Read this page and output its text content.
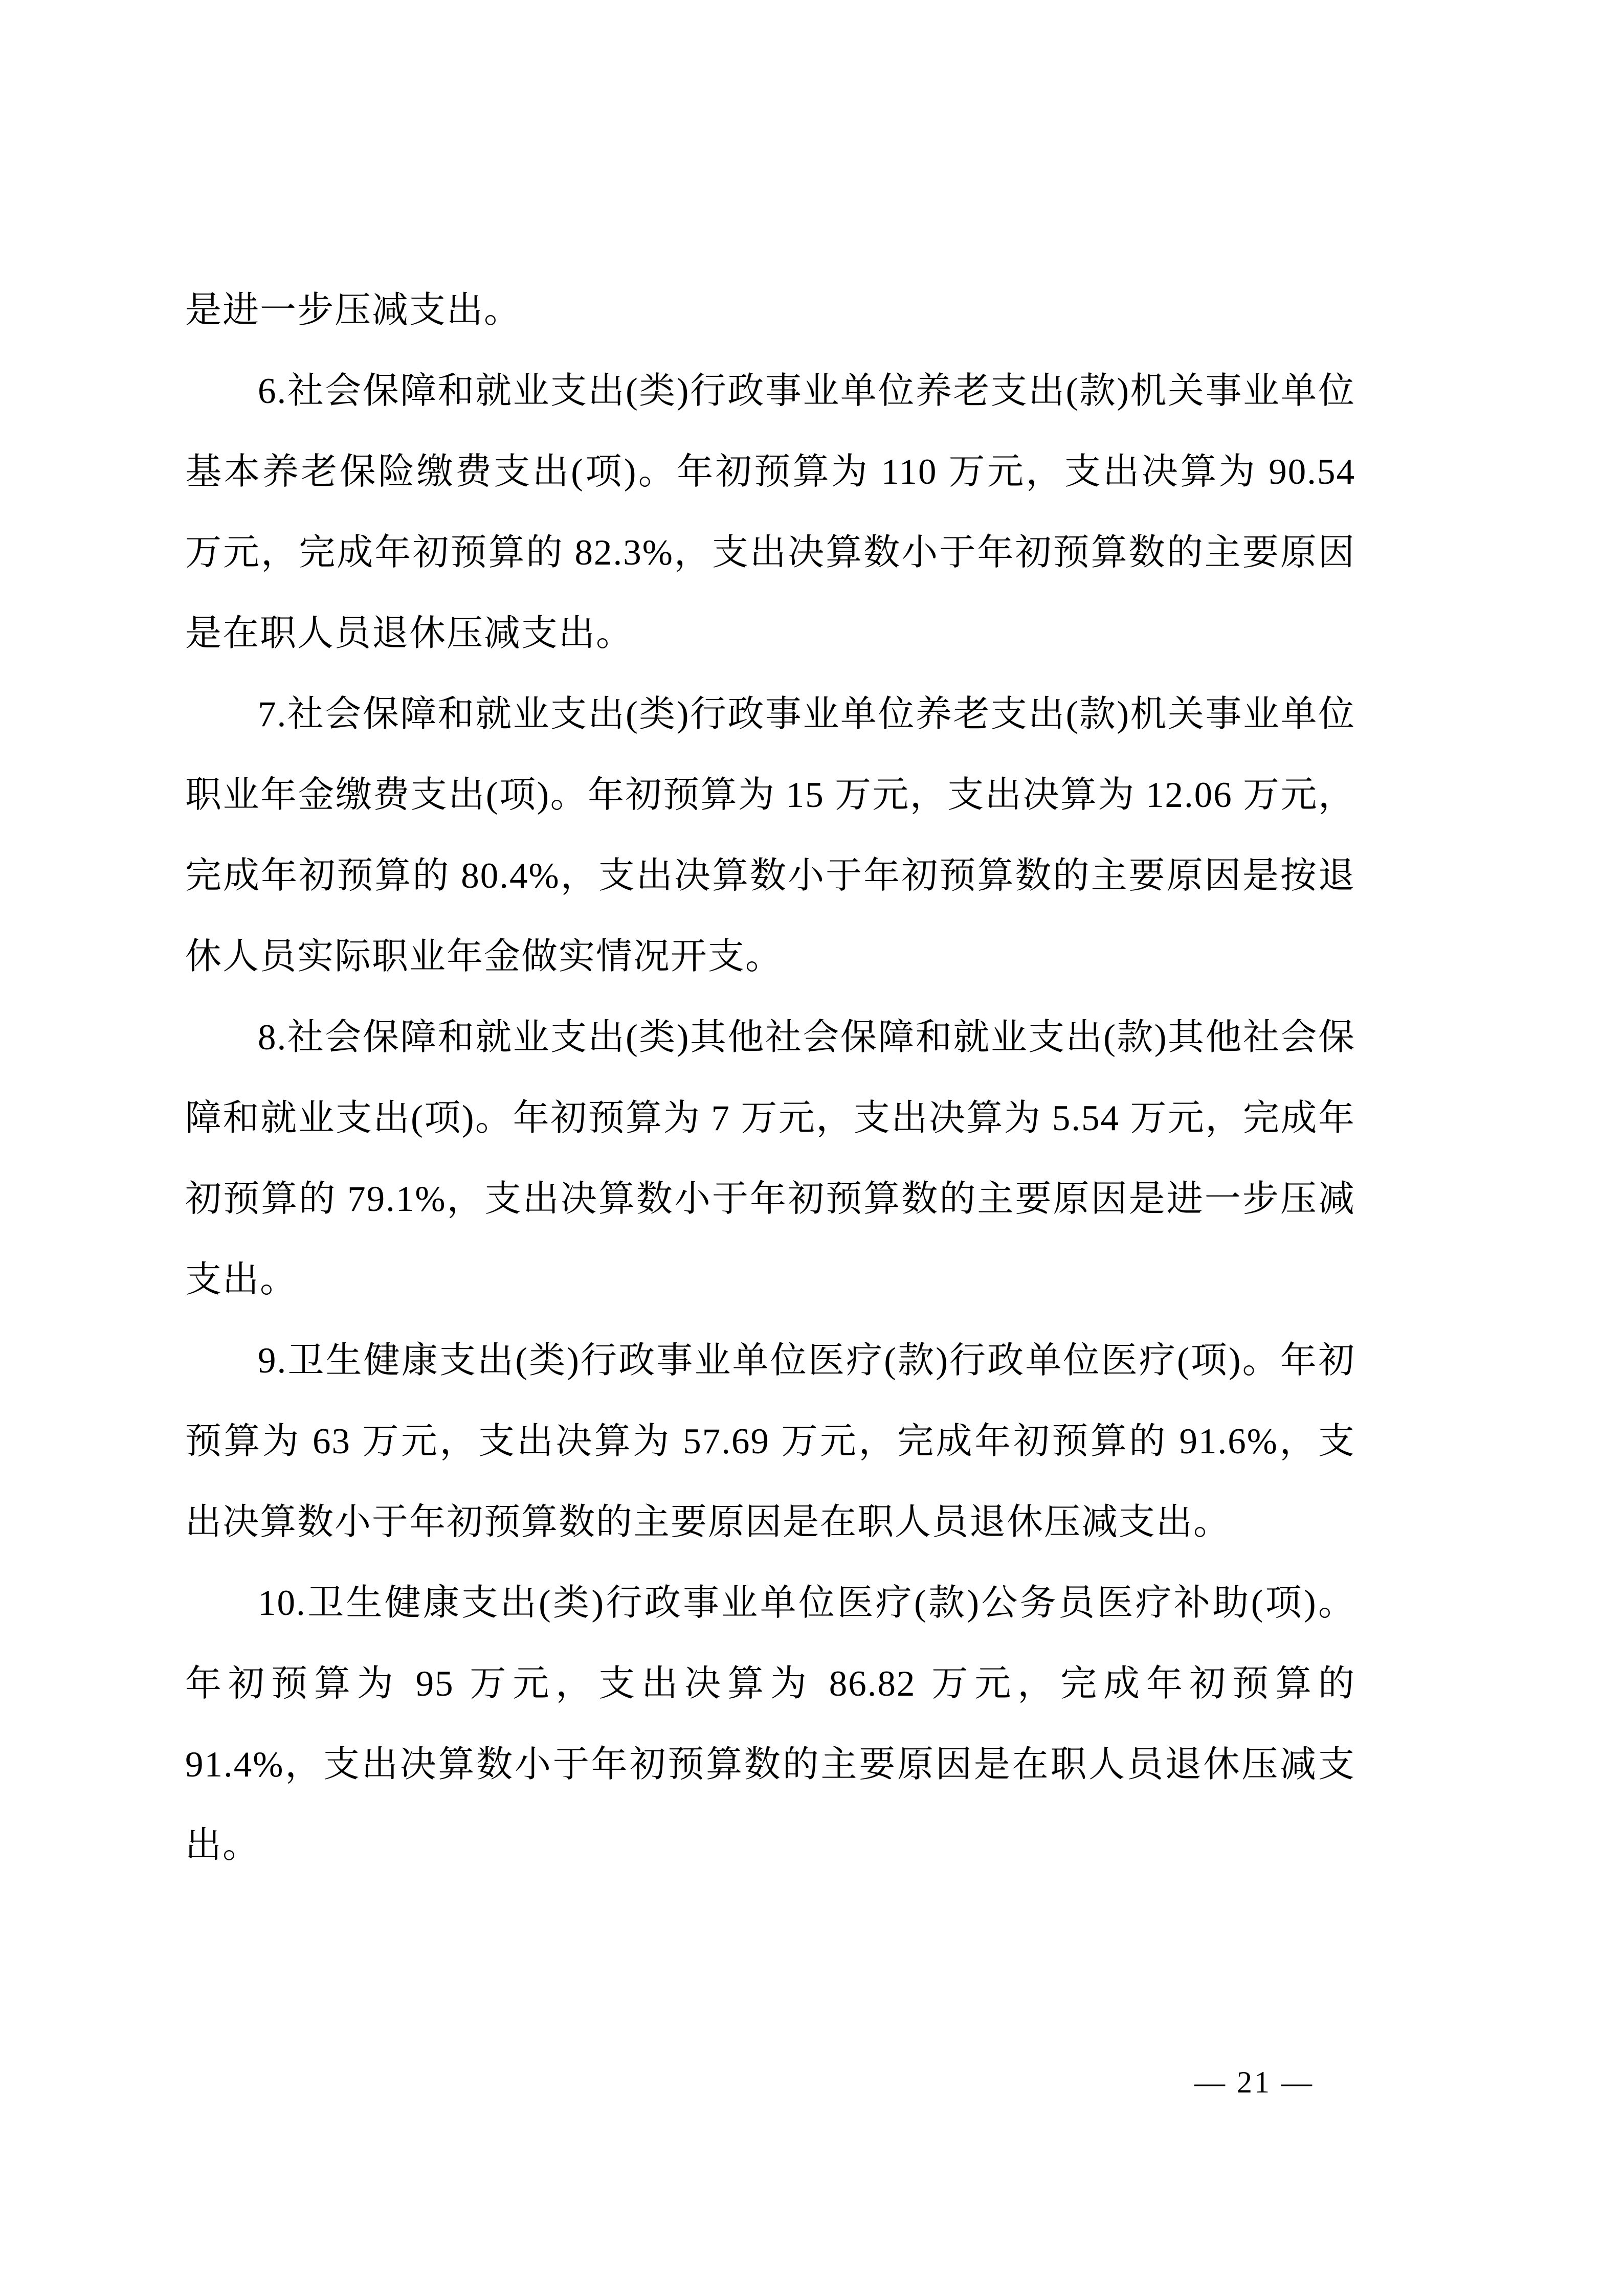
是进一步压减支出。

6.社会保障和就业支出(类)行政事业单位养老支出(款)机关事业单位基本养老保险缴费支出(项)。年初预算为 110 万元，支出决算为 90.54 万元，完成年初预算的 82.3%，支出决算数小于年初预算数的主要原因是在职人员退休压减支出。

7.社会保障和就业支出(类)行政事业单位养老支出(款)机关事业单位职业年金缴费支出(项)。年初预算为 15 万元，支出决算为 12.06 万元，完成年初预算的 80.4%，支出决算数小于年初预算数的主要原因是按退休人员实际职业年金做实情况开支。

8.社会保障和就业支出(类)其他社会保障和就业支出(款)其他社会保障和就业支出(项)。年初预算为 7 万元，支出决算为 5.54 万元，完成年初预算的 79.1%，支出决算数小于年初预算数的主要原因是进一步压减支出。

9.卫生健康支出(类)行政事业单位医疗(款)行政单位医疗(项)。年初预算为 63 万元，支出决算为 57.69 万元，完成年初预算的 91.6%，支出决算数小于年初预算数的主要原因是在职人员退休压减支出。

10.卫生健康支出(类)行政事业单位医疗(款)公务员医疗补助(项)。年初预算为 95 万元，支出决算为 86.82 万元，完成年初预算的 91.4%，支出决算数小于年初预算数的主要原因是在职人员退休压减支出。

— 21 —
